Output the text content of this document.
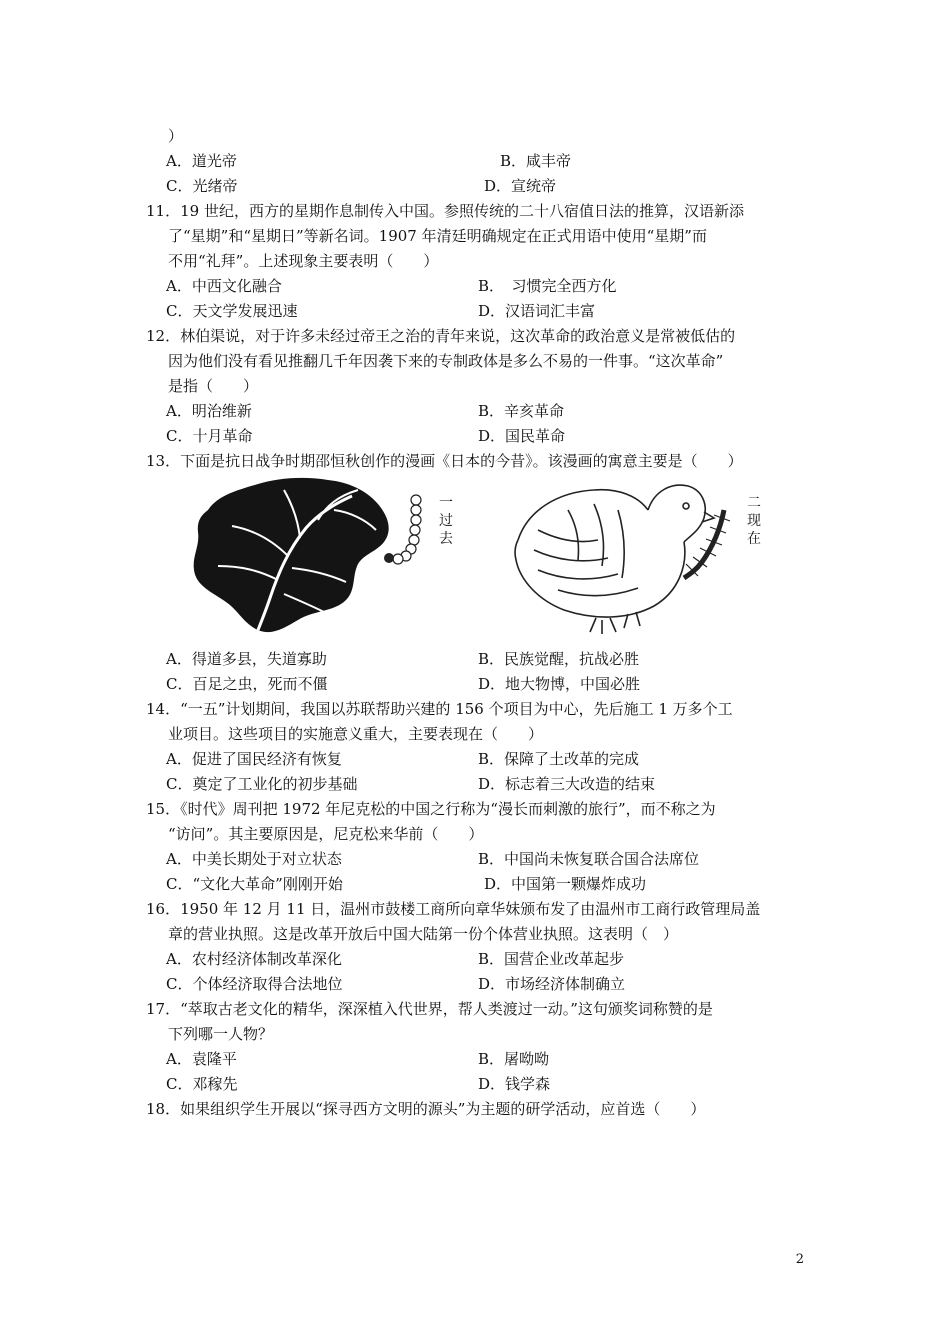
）
A．道光帝	B．咸丰帝
C．光绪帝	D．宣统帝
11．19 世纪，西方的星期作息制传入中国。参照传统的二十八宿值日法的推算，汉语新添
了“星期”和“星期日”等新名词。1907 年清廷明确规定在正式用语中使用“星期”而
不用“礼拜”。上述现象主要表明（　　）
A．中西文化融合	B．　习惯完全西方化
C．天文学发展迅速	D．汉语词汇丰富
12．林伯渠说，对于许多未经过帝王之治的青年来说，这次革命的政治意义是常被低估的
因为他们没有看见推翻几千年因袭下来的专制政体是多么不易的一件事。“这次革命”
是指（　　）
A．明治维新	B．辛亥革命
C．十月革命	D．国民革命
13．下面是抗日战争时期邵恒秋创作的漫画《日本的今昔》。该漫画的寓意主要是（　　）
一过去
二现在
A．得道多县，失道寡助	B．民族觉醒，抗战必胜
C．百足之虫，死而不僵	D．地大物博，中国必胜
14．“一五”计划期间，我国以苏联帮助兴建的 156 个项目为中心，先后施工 1 万多个工
业项目。这些项目的实施意义重大，主要表现在（　　）
A．促进了国民经济有恢复	B．保障了土改革的完成
C．奠定了工业化的初步基础	D．标志着三大改造的结束
15．《时代》周刊把 1972 年尼克松的中国之行称为“漫长而刺激的旅行”，而不称之为
“访问”。其主要原因是，尼克松来华前（　　）
A．中美长期处于对立状态	B．中国尚未恢复联合国合法席位
C．“文化大革命”刚刚开始	D．中国第一颗爆炸成功
16．1950 年 12 月 11 日，温州市鼓楼工商所向章华妹颁布发了由温州市工商行政管理局盖
章的营业执照。这是改革开放后中国大陆第一份个体营业执照。这表明（　）
A．农村经济体制改革深化	B．国营企业改革起步
C．个体经济取得合法地位	D．市场经济体制确立
17．“萃取古老文化的精华，深深植入代世界，帮人类渡过一动。”这句颁奖词称赞的是
下列哪一人物？
A．袁隆平	B．屠呦呦
C．邓稼先	D．钱学森
18．如果组织学生开展以“探寻西方文明的源头”为主题的研学活动，应首选（　　）
2
